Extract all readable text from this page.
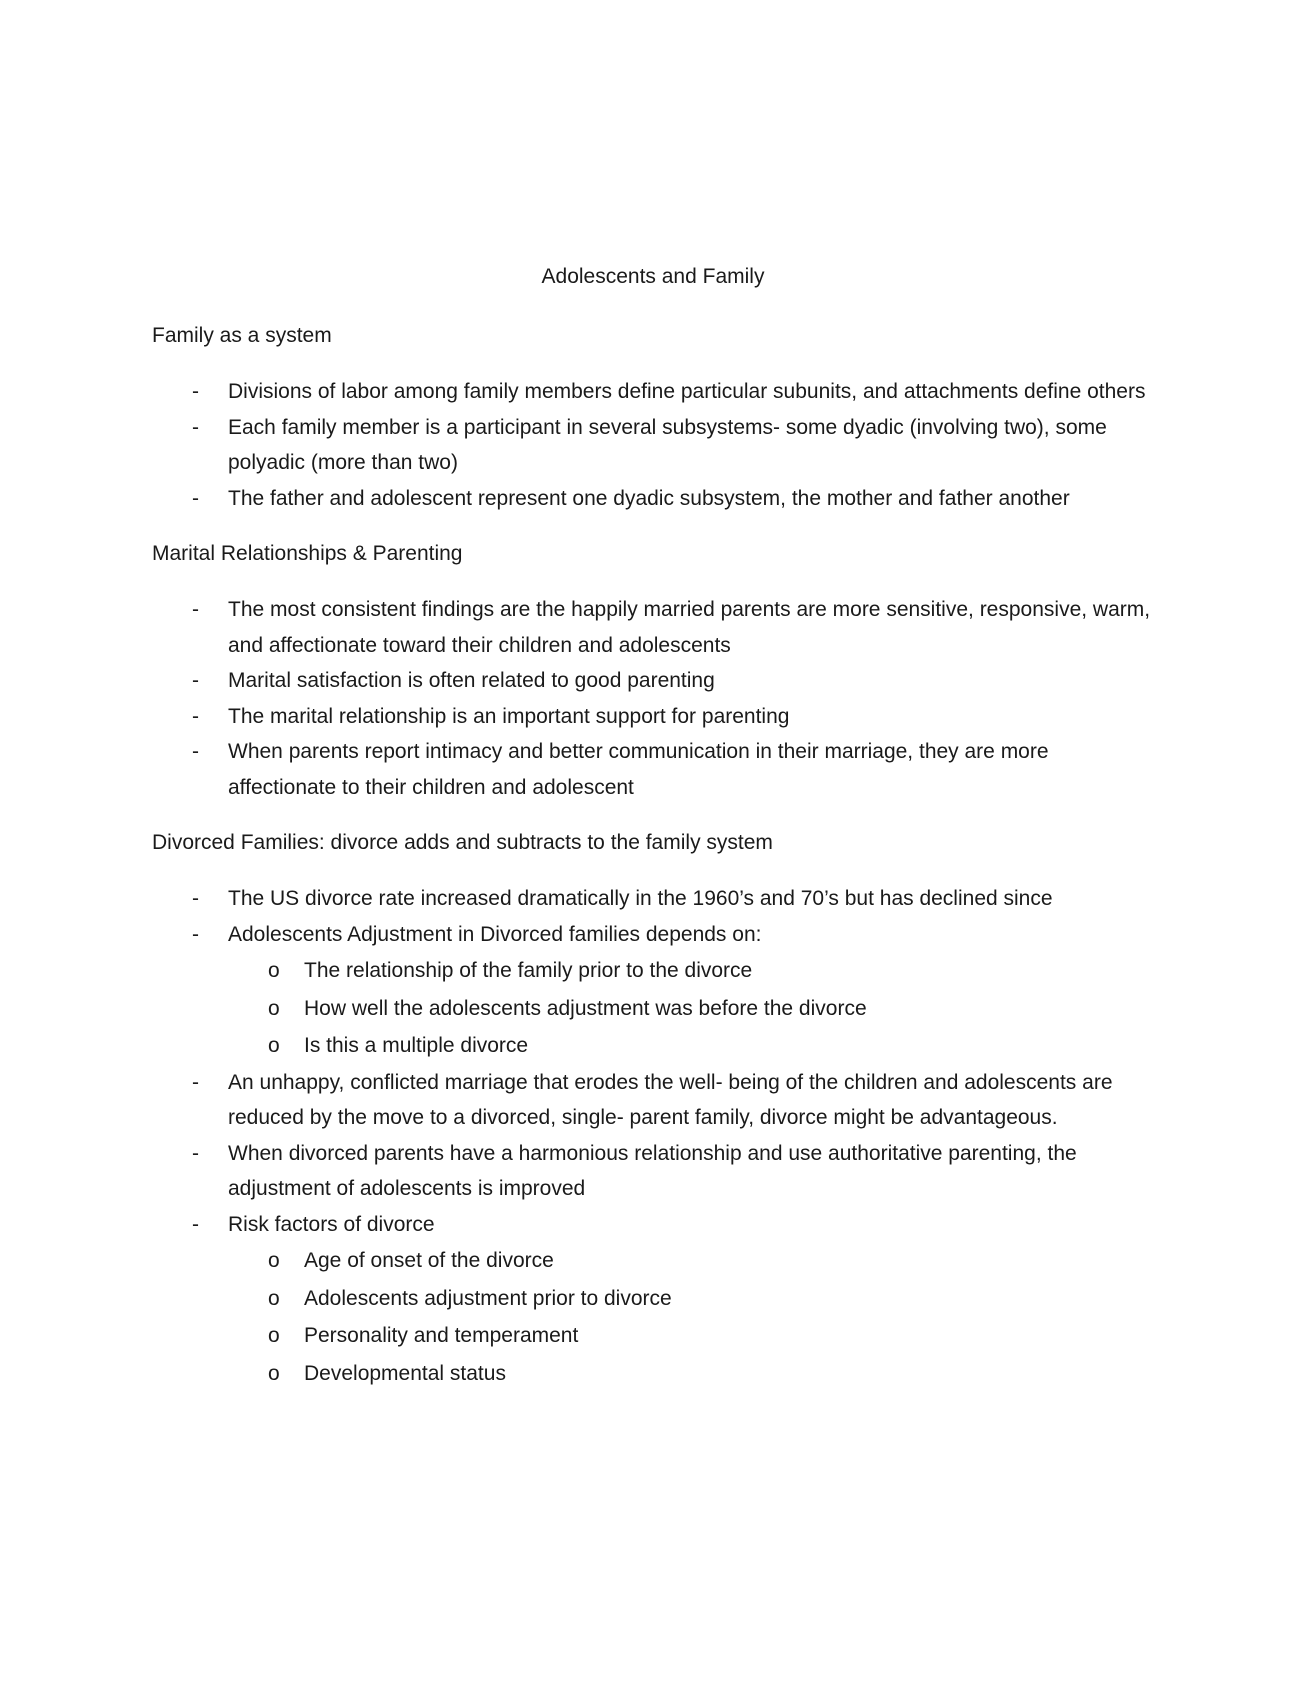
Adolescents and Family

Family as a system

- Divisions of labor among family members define particular subunits, and attachments define others
- Each family member is a participant in several subsystems- some dyadic (involving two), some polyadic (more than two)
- The father and adolescent represent one dyadic subsystem, the mother and father another

Marital Relationships & Parenting

- The most consistent findings are the happily married parents are more sensitive, responsive, warm, and affectionate toward their children and adolescents
- Marital satisfaction is often related to good parenting
- The marital relationship is an important support for parenting
- When parents report intimacy and better communication in their marriage, they are more affectionate to their children and adolescent

Divorced Families: divorce adds and subtracts to the family system

- The US divorce rate increased dramatically in the 1960’s and 70’s but has declined since
- Adolescents Adjustment in Divorced families depends on:
o The relationship of the family prior to the divorce
o How well the adolescents adjustment was before the divorce
o Is this a multiple divorce
- An unhappy, conflicted marriage that erodes the well- being of the children and adolescents are reduced by the move to a divorced, single- parent family, divorce might be advantageous.
- When divorced parents have a harmonious relationship and use authoritative parenting, the adjustment of adolescents is improved
- Risk factors of divorce
o Age of onset of the divorce
o Adolescents adjustment prior to divorce
o Personality and temperament
o Developmental status
